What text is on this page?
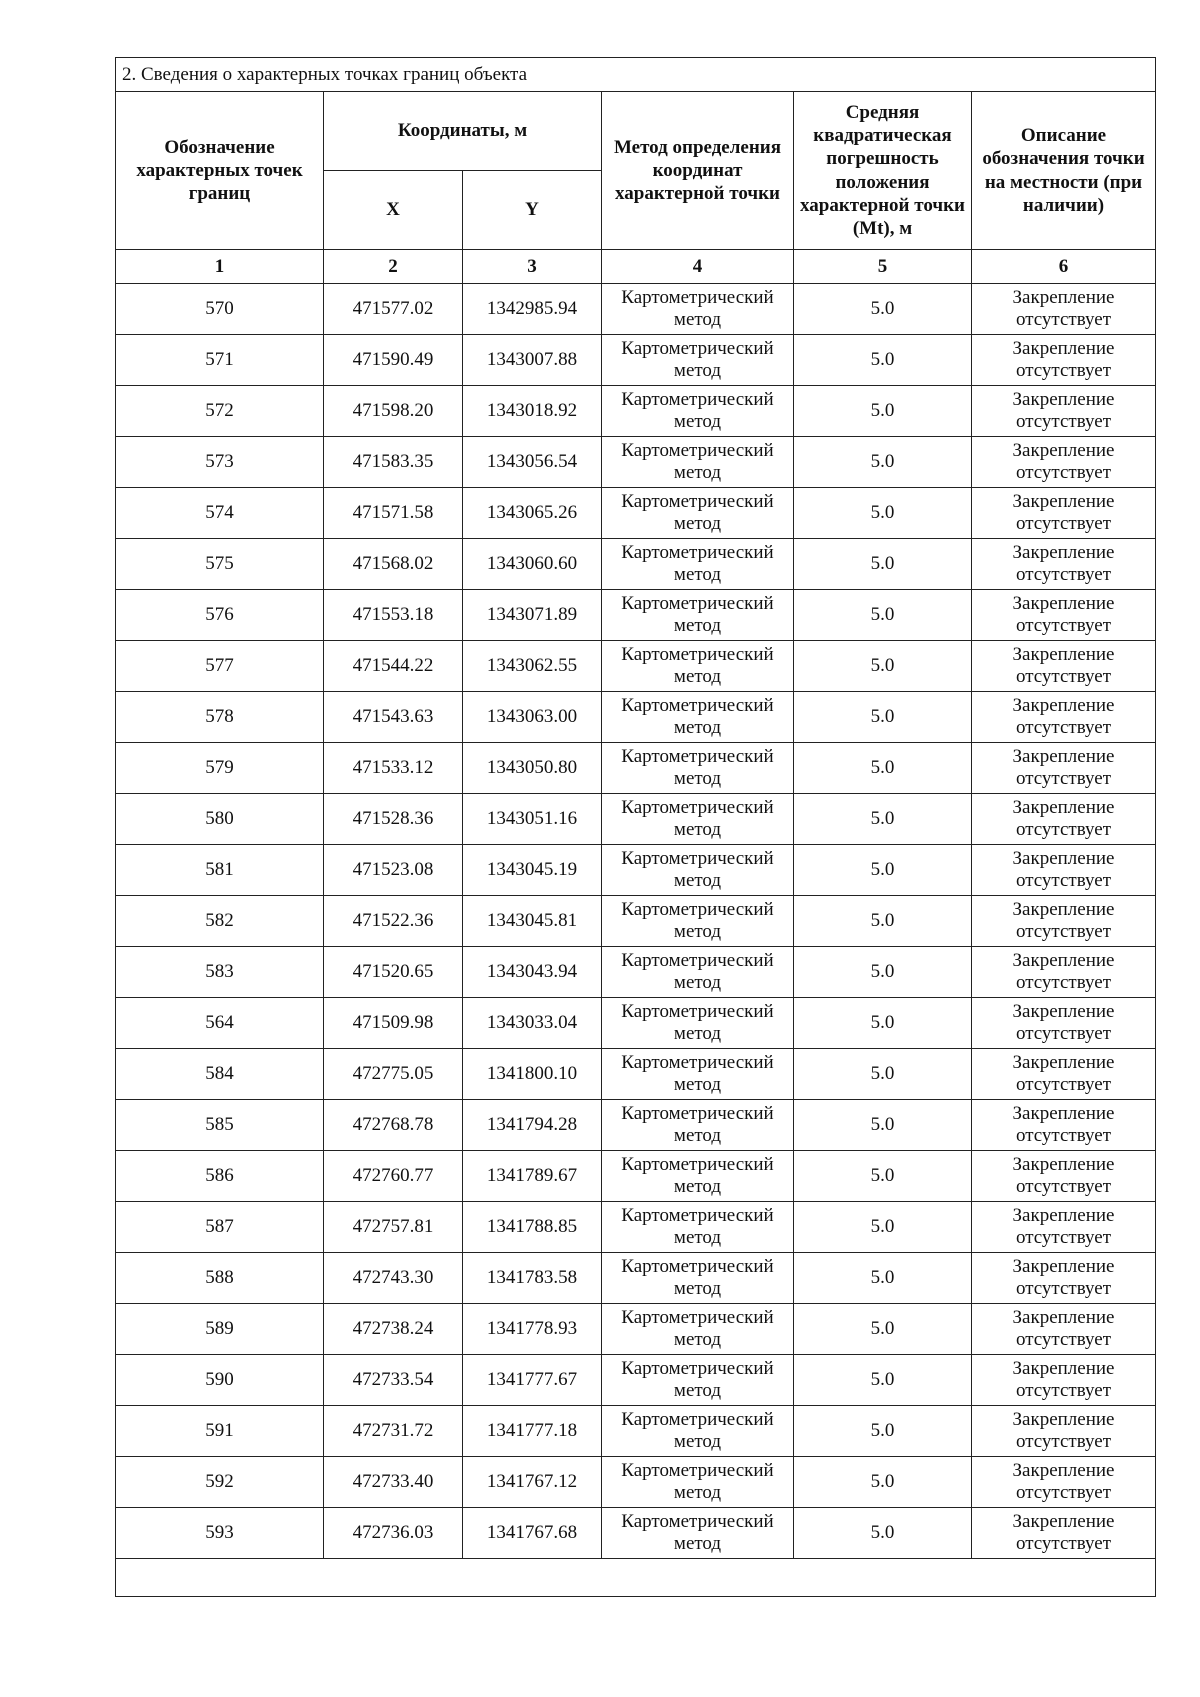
2. Сведения о характерных точках границ объекта					
Обозначение характерных точек границ	Координаты, м		Метод определения координат характерной точки	Средняя квадратическая погрешность положения характерной точки (Mt), м	Описание обозначения точки на местности (при наличии)
	X	Y			
1	2	3	4	5	6
570	471577.02	1342985.94	Картометрический метод	5.0	Закрепление отсутствует
571	471590.49	1343007.88	Картометрический метод	5.0	Закрепление отсутствует
572	471598.20	1343018.92	Картометрический метод	5.0	Закрепление отсутствует
573	471583.35	1343056.54	Картометрический метод	5.0	Закрепление отсутствует
574	471571.58	1343065.26	Картометрический метод	5.0	Закрепление отсутствует
575	471568.02	1343060.60	Картометрический метод	5.0	Закрепление отсутствует
576	471553.18	1343071.89	Картометрический метод	5.0	Закрепление отсутствует
577	471544.22	1343062.55	Картометрический метод	5.0	Закрепление отсутствует
578	471543.63	1343063.00	Картометрический метод	5.0	Закрепление отсутствует
579	471533.12	1343050.80	Картометрический метод	5.0	Закрепление отсутствует
580	471528.36	1343051.16	Картометрический метод	5.0	Закрепление отсутствует
581	471523.08	1343045.19	Картометрический метод	5.0	Закрепление отсутствует
582	471522.36	1343045.81	Картометрический метод	5.0	Закрепление отсутствует
583	471520.65	1343043.94	Картометрический метод	5.0	Закрепление отсутствует
564	471509.98	1343033.04	Картометрический метод	5.0	Закрепление отсутствует
584	472775.05	1341800.10	Картометрический метод	5.0	Закрепление отсутствует
585	472768.78	1341794.28	Картометрический метод	5.0	Закрепление отсутствует
586	472760.77	1341789.67	Картометрический метод	5.0	Закрепление отсутствует
587	472757.81	1341788.85	Картометрический метод	5.0	Закрепление отсутствует
588	472743.30	1341783.58	Картометрический метод	5.0	Закрепление отсутствует
589	472738.24	1341778.93	Картометрический метод	5.0	Закрепление отсутствует
590	472733.54	1341777.67	Картометрический метод	5.0	Закрепление отсутствует
591	472731.72	1341777.18	Картометрический метод	5.0	Закрепление отсутствует
592	472733.40	1341767.12	Картометрический метод	5.0	Закрепление отсутствует
593	472736.03	1341767.68	Картометрический метод	5.0	Закрепление отсутствует
